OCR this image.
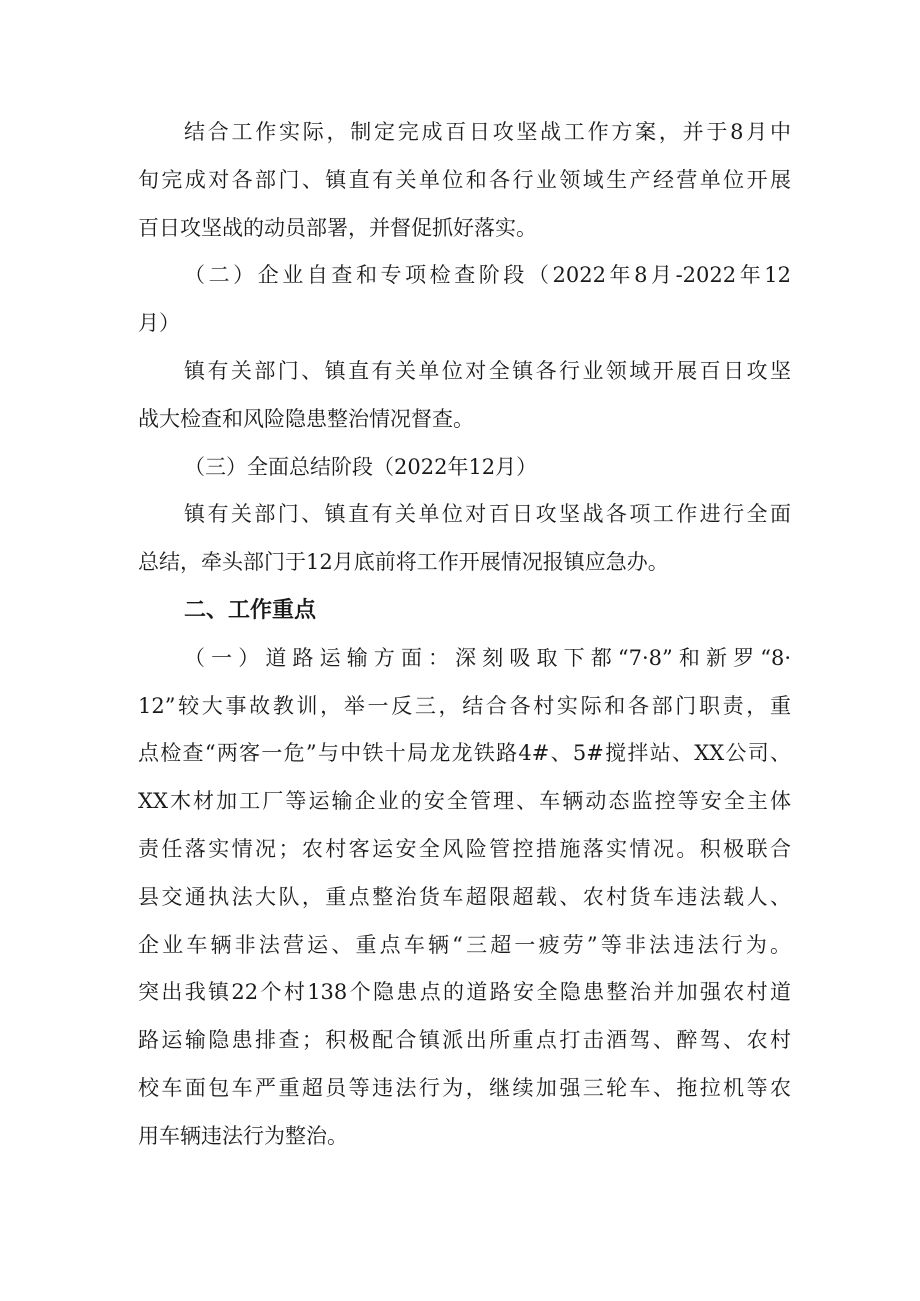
结合工作实际，制定完成百日攻坚战工作方案，并于8月中
旬完成对各部门、镇直有关单位和各行业领域生产经营单位开展
百日攻坚战的动员部署，并督促抓好落实。
（二）企业自查和专项检查阶段（2022年8月-2022年12
月）
镇有关部门、镇直有关单位对全镇各行业领域开展百日攻坚
战大检查和风险隐患整治情况督查。
（三）全面总结阶段（2022年12月）
镇有关部门、镇直有关单位对百日攻坚战各项工作进行全面
总结，牵头部门于12月底前将工作开展情况报镇应急办。
二、工作重点
（一）道路运输方面：深刻吸取下都“7·8”和新罗“8·
12”较大事故教训，举一反三，结合各村实际和各部门职责，重
点检查“两客一危”与中铁十局龙龙铁路4#、5#搅拌站、XX公司、
XX木材加工厂等运输企业的安全管理、车辆动态监控等安全主体
责任落实情况；农村客运安全风险管控措施落实情况。积极联合
县交通执法大队，重点整治货车超限超载、农村货车违法载人、
企业车辆非法营运、重点车辆“三超一疲劳”等非法违法行为。
突出我镇22个村138个隐患点的道路安全隐患整治并加强农村道
路运输隐患排查；积极配合镇派出所重点打击酒驾、醉驾、农村
校车面包车严重超员等违法行为，继续加强三轮车、拖拉机等农
用车辆违法行为整治。
